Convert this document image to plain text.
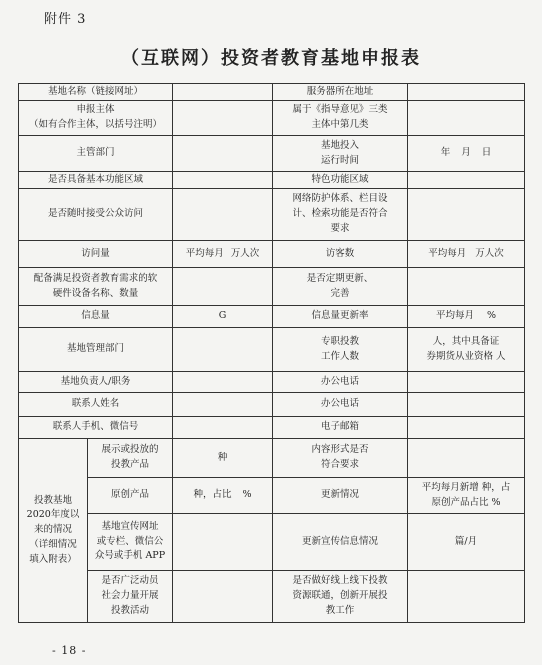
附件 3
（互联网）投资者教育基地申报表
基地名称（链接网址）			服务器所在地址	

申报主体
（如有合作主体，以括号注明）			属于《指导意见》三类
主体中第几类	

主管部门			基地投入
运行时间	年 月 日
是否具备基本功能区域			特色功能区域	
是否随时接受公众访问			网络防护体系、栏目设
计、检索功能是否符合
要求	

访问量		平均每月 万人次	访客数	平均每月 万人次

配备满足投资者教育需求的软
硬件设备名称、数量			是否定期更新、
完善	

信息量		G	信息量更新率	平均每月 %
基地管理部门			专职投教
工作人数	人，其中具备证
券期货从业资格 人

基地负责人/职务			办公电话	
联系人姓名			办公电话	
联系人手机、微信号			电子邮箱	

投教基地
2020年度以
来的情况
（详细情况
填入附表）	展示或投放的
投教产品	种	内容形式是否
符合要求	

	原创产品	种，占比 %	更新情况	平均每月新增 种，占
原创产品占比 %

	基地宣传网址
或专栏、微信公
众号或手机 APP		更新宣传信息情况	篇/月

	是否广泛动员
社会力量开展
投教活动		是否做好线上线下投教
资源联通，创新开展投
教工作	

- 18 -
